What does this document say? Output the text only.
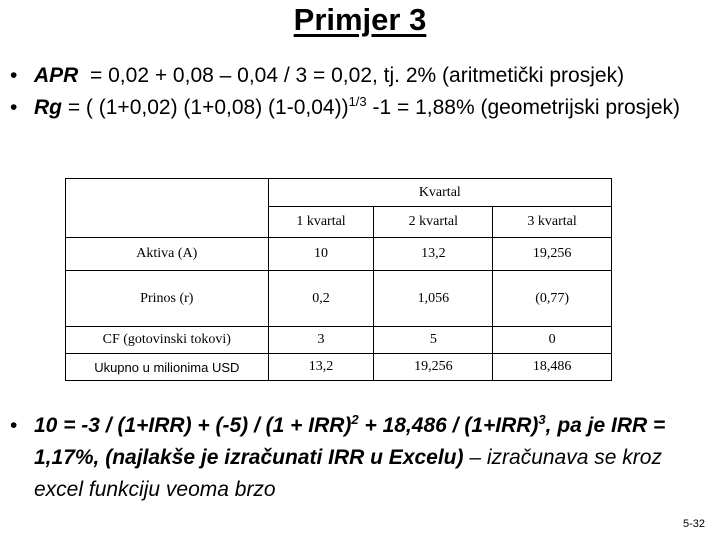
Primjer 3
• APR  = 0,02 + 0,08 – 0,04 / 3 = 0,02, tj. 2% (aritmetički prosjek)
• Rg = ( (1+0,02) (1+0,08) (1-0,04))$^{1/3}$ -1 = 1,88% (geometrijski prosjek)
	Kvartal		
	1 kvartal	2 kvartal	3 kvartal
Aktiva (A)	10	13,2	19,256
Prinos (r)	0,2	1,056	(0,77)
CF (gotovinski tokovi)	3	5	0
Ukupno u milionima USD	13,2	19,256	18,486
• $10 = -3 / (1+IRR) + (-5) / (1 + IRR)^2 + 18,486 / (1+IRR)^3$, pa je IRR = 1,17%, (najlakše je izračunati IRR u Excelu) – izračunava se kroz excel funkciju veoma brzo
5-32
